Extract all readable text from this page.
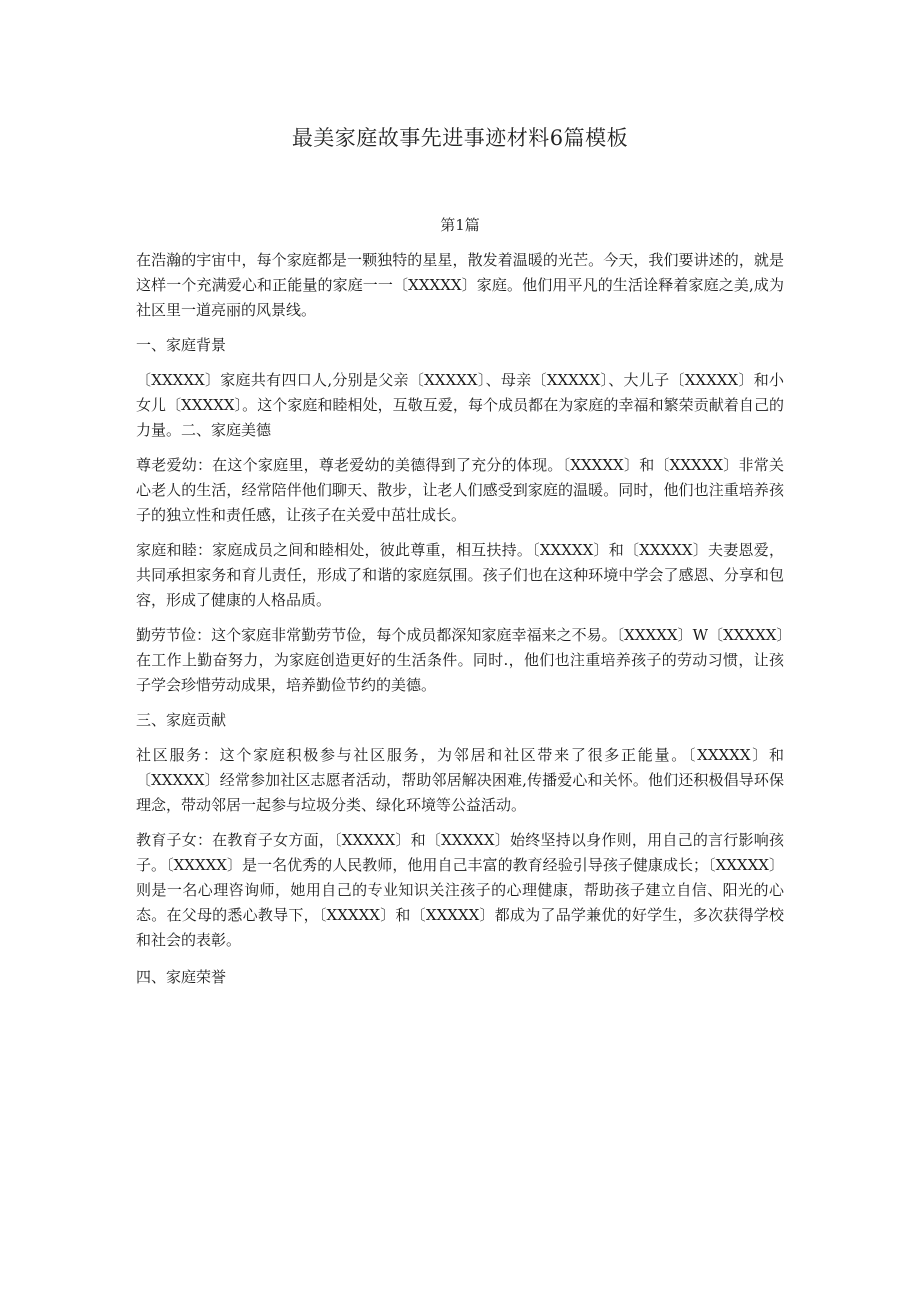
最美家庭故事先进事迹材料6篇模板
第1篇

在浩瀚的宇宙中，每个家庭都是一颗独特的星星，散发着温暖的光芒。今天，我们要讲述的，就是这样一个充满爱心和正能量的家庭一一〔XXXXX〕家庭。他们用平凡的生活诠释着家庭之美,成为社区里一道亮丽的风景线。

一、家庭背景

〔XXXXX〕家庭共有四口人,分别是父亲〔XXXXX〕、母亲〔XXXXX〕、大儿子〔XXXXX〕和小女儿〔XXXXX〕。这个家庭和睦相处，互敬互爱，每个成员都在为家庭的幸福和繁荣贡献着自己的力量。二、家庭美德

尊老爱幼：在这个家庭里，尊老爱幼的美德得到了充分的体现。〔XXXXX〕和〔XXXXX〕非常关心老人的生活，经常陪伴他们聊天、散步，让老人们感受到家庭的温暖。同时，他们也注重培养孩子的独立性和责任感，让孩子在关爱中茁壮成长。

家庭和睦：家庭成员之间和睦相处，彼此尊重，相互扶持。〔XXXXX〕和〔XXXXX〕夫妻恩爱，共同承担家务和育儿责任，形成了和谐的家庭氛围。孩子们也在这种环境中学会了感恩、分享和包容，形成了健康的人格品质。

勤劳节俭：这个家庭非常勤劳节俭，每个成员都深知家庭幸福来之不易。〔XXXXX〕W〔XXXXX〕在工作上勤奋努力，为家庭创造更好的生活条件。同时.，他们也注重培养孩子的劳动习惯，让孩子学会珍惜劳动成果，培养勤俭节约的美德。

三、家庭贡献

社区服务：这个家庭积极参与社区服务，为邻居和社区带来了很多正能量。〔XXXXX〕和〔XXXXX〕经常参加社区志愿者活动，帮助邻居解决困难,传播爱心和关怀。他们还积极倡导环保理念，带动邻居一起参与垃圾分类、绿化环境等公益活动。

教育子女：在教育子女方面，〔XXXXX〕和〔XXXXX〕始终坚持以身作则，用自己的言行影响孩子。〔XXXXX〕是一名优秀的人民教师，他用自己丰富的教育经验引导孩子健康成长；〔XXXXX〕则是一名心理咨询师，她用自己的专业知识关注孩子的心理健康，帮助孩子建立自信、阳光的心态。在父母的悉心教导下，〔XXXXX〕和〔XXXXX〕都成为了品学兼优的好学生，多次获得学校和社会的表彰。

四、家庭荣誉
